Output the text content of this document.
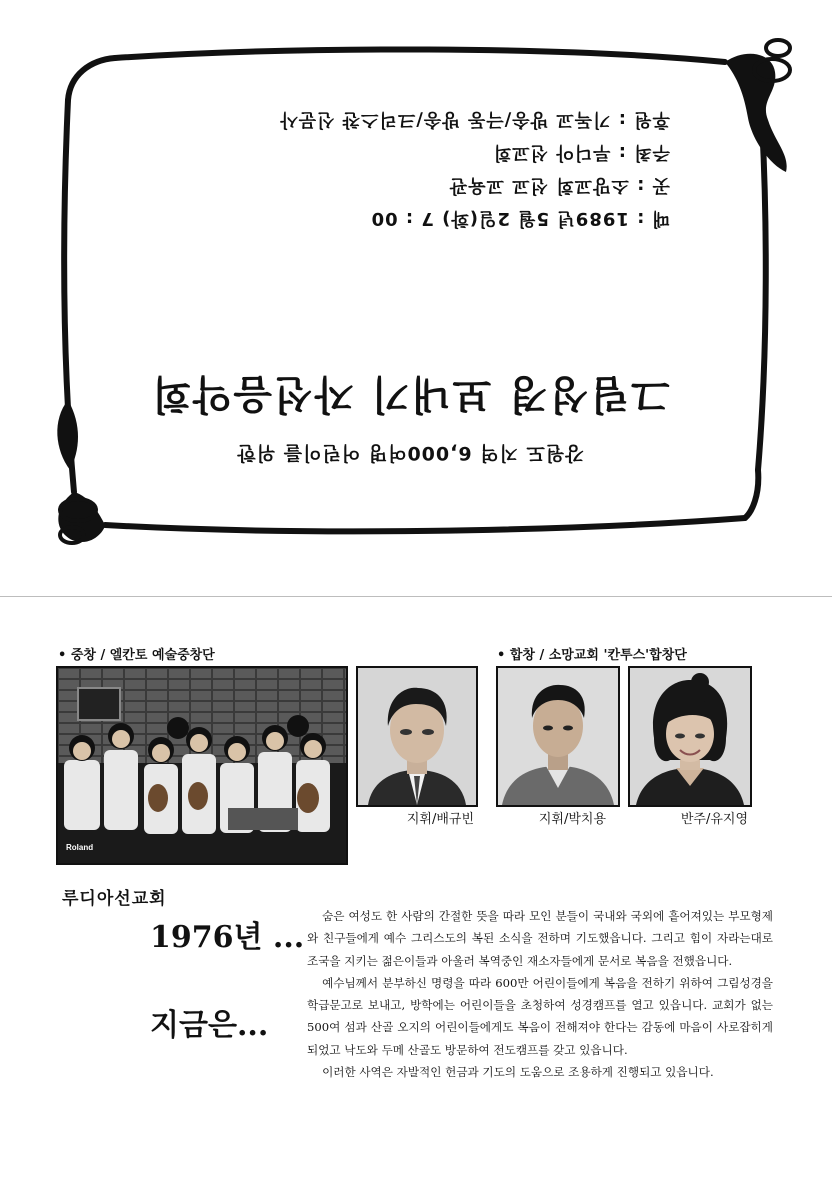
강원도 지역 6,000여명 어린이를 위한
그림성경 보내기 자선음악회
때 : 1989년 5월 2일(화) 7 : 00
곳 : 소망교회 선교 교육관
주최 : 루디아 선교회
후원 : 기독교 방송/극동 방송/크리스챤 신문사
• 중창 / 엘칸토 예술중창단	• 합창 / 소망교회 '칸투스'합창단
Roland
지휘/배규빈	지휘/박치용	반주/유지영
루디아선교회
1976년 ...
지금은...

숨은 여성도 한 사람의 간절한 뜻을 따라 모인 분들이 국내와 국외에 흩어져있는 부모형제와 친구들에게 예수 그리스도의 복된 소식을 전하며 기도했읍니다. 그리고 힘이 자라는대로 조국을 지키는 젊은이들과 아울러 복역중인 재소자들에게 문서로 복음을 전했읍니다.

예수님께서 분부하신 명령을 따라 600만 어린이들에게 복음을 전하기 위하여 그림성경을 학급문고로 보내고, 방학에는 어린이들을 초청하여 성경캠프를 열고 있읍니다. 교회가 없는 500여 섬과 산골 오지의 어린이들에게도 복음이 전해져야 한다는 감동에 마음이 사로잡히게 되었고 낙도와 두메 산골도 방문하여 전도캠프를 갖고 있읍니다.

이러한 사역은 자발적인 헌금과 기도의 도움으로 조용하게 진행되고 있읍니다.
